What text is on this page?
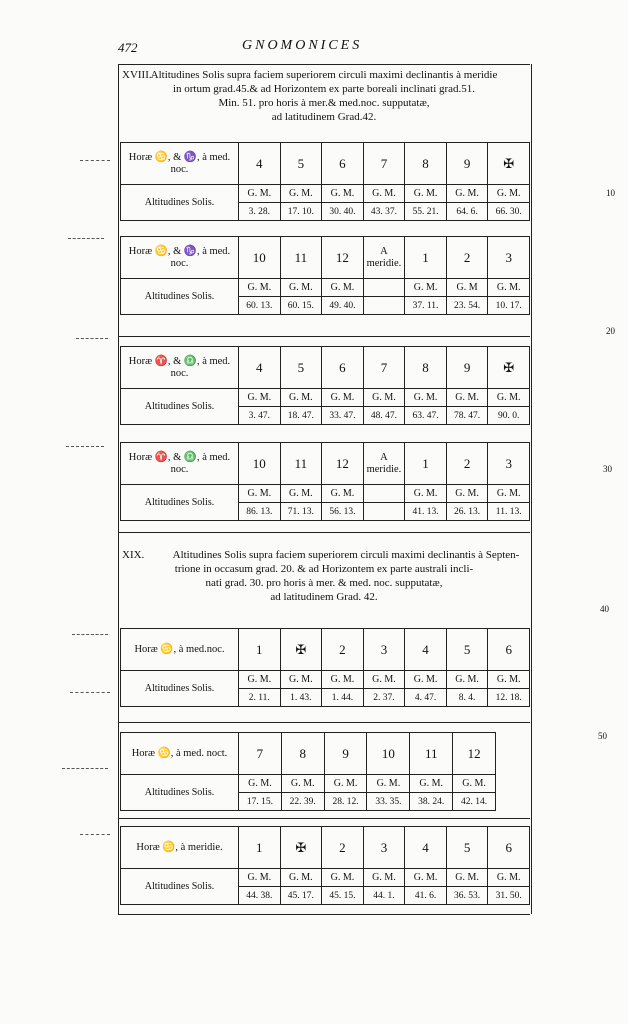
472	GNOMONICES
10
20
30
40
50
XVIII. Altitudines Solis supra faciem superiorem circuli maximi declinantis à meridie
in ortum grad.45.& ad Horizontem ex parte boreali inclinati grad.51.
Min. 51. pro horis à mer.& med.noc. supputatæ,
ad latitudinem Grad.42.
Horæ ♋, & ♑, à med. noc.	4	5	6	7	8	9	✠
Altitudines Solis.	G. M.	G. M.	G. M.	G. M.	G. M.	G. M.	G. M.
	3. 28.	17. 10.	30. 40.	43. 37.	55. 21.	64. 6.	66. 30.
Horæ ♋, & ♑, à med. noc.	10	11	12	A meridie.	1	2	3
Altitudines Solis.	G. M.	G. M.	G. M.		G. M.	G. M	G. M.
	60. 13.	60. 15.	49. 40.		37. 11.	23. 54.	10. 17.
Horæ ♈, & ♎, à med. noc.	4	5	6	7	8	9	✠
Altitudines Solis.	G. M.	G. M.	G. M.	G. M.	G. M.	G. M.	G. M.
	3. 47.	18. 47.	33. 47.	48. 47.	63. 47.	78. 47.	90. 0.
Horæ ♈, & ♎, à med. noc.	10	11	12	A meridie.	1	2	3
Altitudines Solis.	G. M.	G. M.	G. M.		G. M.	G. M.	G. M.
	86. 13.	71. 13.	56. 13.		41. 13.	26. 13.	11. 13.
XIX.	Altitudines Solis supra faciem superiorem circuli maximi declinantis à Septen-
trione in occasum grad. 20. & ad Horizontem ex parte australi incli-
nati grad. 30. pro horis à mer. & med. noc. supputatæ,
ad latitudinem Grad. 42.
Horæ ♋, à med.noc.	1	✠	2	3	4	5	6
Altitudines Solis.	G. M.	G. M.	G. M.	G. M.	G. M.	G. M.	G. M.
	2. 11.	1. 43.	1. 44.	2. 37.	4. 47.	8. 4.	12. 18.
Horæ ♋, à med. noct.	7	8	9	10	11	12
Altitudines Solis.	G. M.	G. M.	G. M.	G. M.	G. M.	G. M.
	17. 15.	22. 39.	28. 12.	33. 35.	38. 24.	42. 14.
Horæ ♋, à meridie.	1	✠	2	3	4	5	6
Altitudines Solis.	G. M.	G. M.	G. M.	G. M.	G. M.	G. M.	G. M.
	44. 38.	45. 17.	45. 15.	44. 1.	41. 6.	36. 53.	31. 50.
